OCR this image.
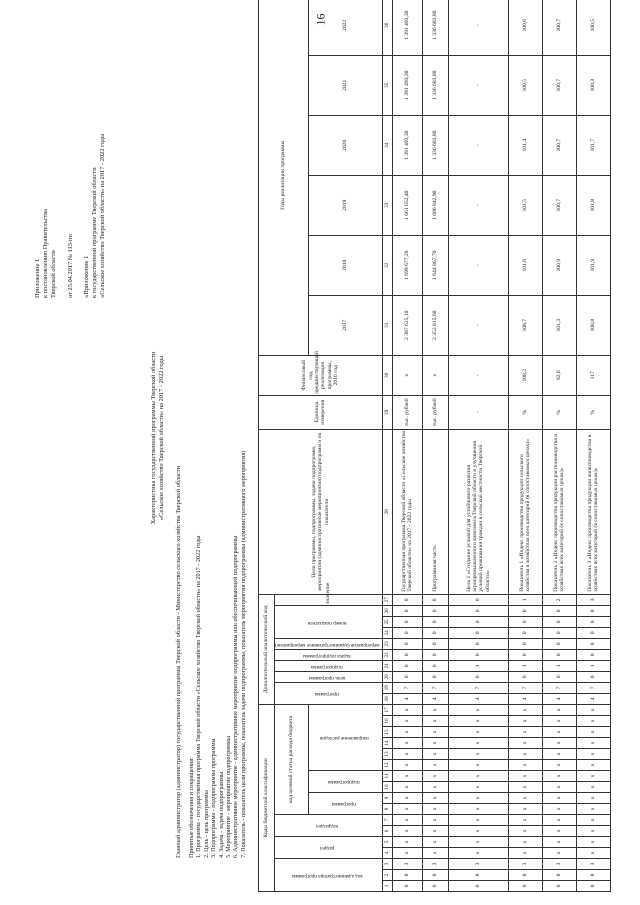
16
Приложение 1 к постановлению Правительства Тверской области от 25.04.2017 № 113-пп «Приложение 1 к государственной программе Тверской области «Сельское хозяйство Тверской области» на 2017 - 2022 годы
Характеристика государственной программы Тверской области «Сельское хозяйство Тверской области» на 2017 - 2022 годы
Главный администратор (администратор) государственной программы Тверской области - Министерство сельского хозяйства Тверской области Принятые обозначения и сокращения: 1. Программа - государственная программа Тверской области «Сельское хозяйство Тверской области» на 2017 - 2022 годы 2. Цель - цель программы 3. Подпрограмма - подпрограмма программы 4. Задача - задача подпрограммы 5. Мероприятие - мероприятие подпрограммы 6. Административное мероприятие - административное мероприятие подпрограммы или обеспечивающей подпрограммы 7. Показатель - показатель цели программы, показатель задачи подпрограммы, показатель мероприятия подпрограммы (административного мероприятия)	Коды бюджетной классификации																	Дополнительный аналитический код										Цели программы, подпрограммы, задачи подпрограмм, мероприятия (административные мероприятия) подпрограмм и их показатели	Единица измерения	Финансовый год, предшествующий реализации программы, 2016 год	Годы реализации программы	
код администратора программы			раздел		подраздел		код целевой статьи расхода бюджета										программа		цель программы	подпрограмма	задача подпрограммы	мероприятие (административное мероприятие)	номер показателя			значение										
							программа		подпрограмма		направление расходов																			2017	2018	2019	2020	2021	2022	
1	2	3	4	5	6	7	8	9	10	11	12	13	14	15	16	17	18	19	20	21	22	23	24	25	26	27	28	29	30	31	32	33	34	35	36	
0	8	3	х	х	х	х	х	х	х	х	х	х	х	х	х	х	4	7	0	0	0	0	0	0	0	0	Государственная программа Тверской области «Сельское хозяйство Тверской области» на 2017 - 2022 годы	тыс. рублей	х	2 387 625,10	1 699 677,20	1 661 652,40	1 391 493,30	1 391 493,30	1 391 493,30	
0	8	3	х	х	х	х	х	х	х	х	х	х	х	х	х	х	4	7	0	0	0	0	0	0	0	0	Программная часть	тыс. рублей	х	2 352 815,60	1 644 867,70	1 606 842,90	1 336 683,80	1 336 683,80	1 336 683,80	
0	8	3	х	х	х	х	х	х	х	х	х	х	х	х	х	х	4	7	0	1	0	0	0	0	0	0	Цель 1 «Создание условий для устойчивого развития агропромышленного комплекса Тверской области и улучшения условий проживания граждан в сельской местности Тверской области»	-	-	-	-	-	-	-	-	
0	8	3	х	х	х	х	х	х	х	х	х	х	х	х	х	х	4	7	0	1	0	0	0	0	0	1	Показатель 1 «Индекс производства продукции сельского хозяйства в хозяйствах всех категорий (в сопоставимых ценах)»	%	108,2	108,7	101,6	101,5	101,4	100,5	100,6	
0	8	3	х	х	х	х	х	х	х	х	х	х	х	х	х	х	4	7	0	1	0	0	0	0	0	2	Показатель 2 «Индекс производства продукции растениеводства в хозяйствах всех категорий (в сопоставимых ценах)»	%	92,6	101,3	100,9	100,7	100,7	100,7	100,7	
0	8	3	х	х	х	х	х	х	х	х	х	х	х	х	х	х	4	7	0	1	0	0	0	0	0	3	Показатель 3 «Индекс производства продукции животноводства в хозяйствах всех категорий (в сопоставимых ценах)»	%	117	108,8	101,9	101,8	101,7	100,3	100,5	
